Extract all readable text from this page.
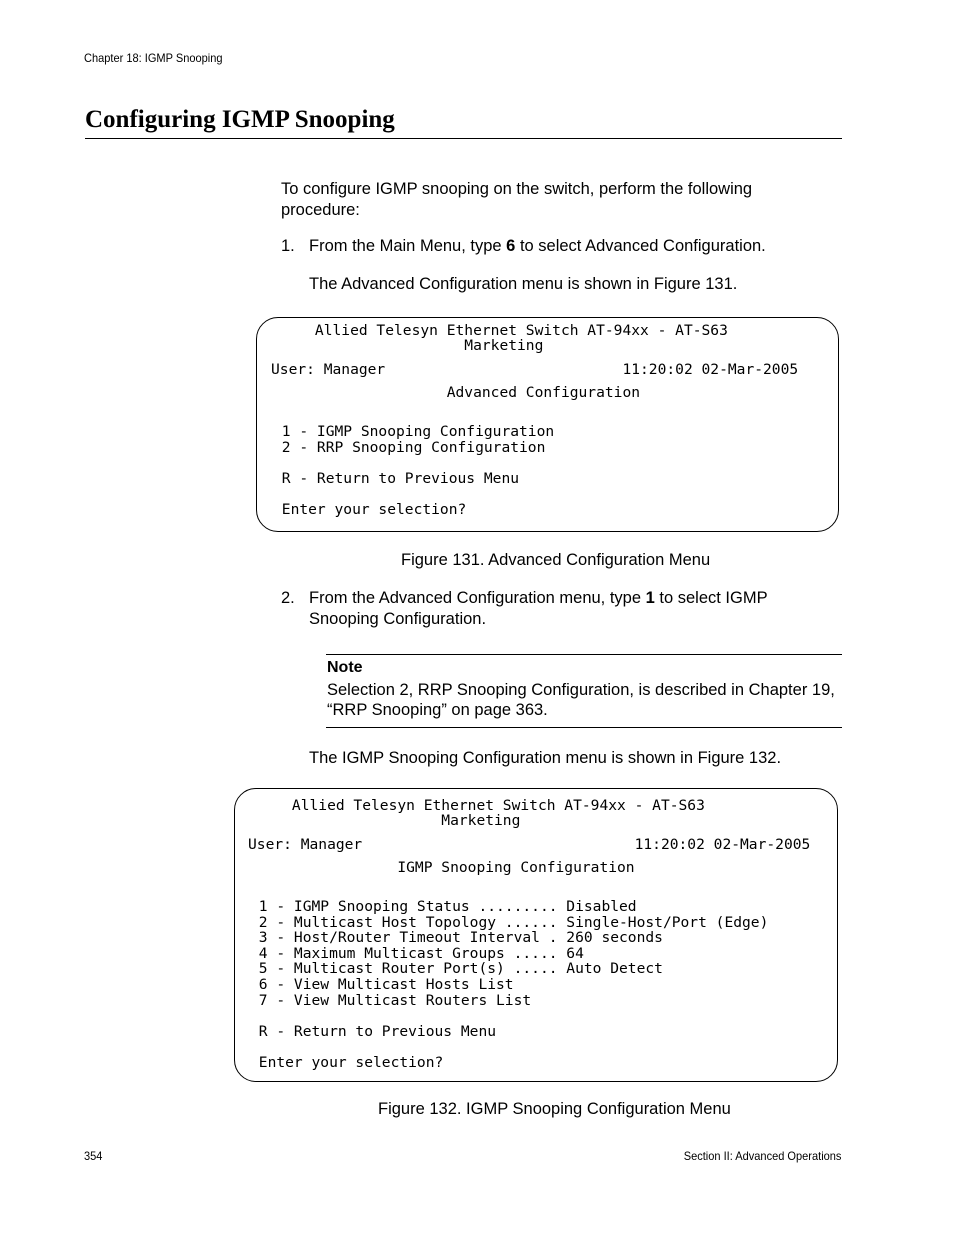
Chapter 18: IGMP Snooping
Configuring IGMP Snooping
To configure IGMP snooping on the switch, perform the following procedure:
1. From the Main Menu, type 6 to select Advanced Configuration.
The Advanced Configuration menu is shown in Figure 131.

Allied Telesyn Ethernet Switch AT-94xx - AT-S63

Marketing

User: Manager                           11:20:02 02-Mar-2005

Advanced Configuration

1 - IGMP Snooping Configuration

2 - RRP Snooping Configuration

R - Return to Previous Menu

Enter your selection?

Figure 131. Advanced Configuration Menu
2. From the Advanced Configuration menu, type 1 to select IGMP Snooping Configuration.
Note
Selection 2, RRP Snooping Configuration, is described in Chapter 19, “RRP Snooping” on page 363.
The IGMP Snooping Configuration menu is shown in Figure 132.

Allied Telesyn Ethernet Switch AT-94xx - AT-S63

Marketing

User: Manager                               11:20:02 02-Mar-2005

IGMP Snooping Configuration

1 - IGMP Snooping Status ......... Disabled

2 - Multicast Host Topology ...... Single-Host/Port (Edge)

3 - Host/Router Timeout Interval . 260 seconds

4 - Maximum Multicast Groups ..... 64

5 - Multicast Router Port(s) ..... Auto Detect

6 - View Multicast Hosts List

7 - View Multicast Routers List

R - Return to Previous Menu

Enter your selection?

Figure 132. IGMP Snooping Configuration Menu
354	Section II: Advanced Operations
